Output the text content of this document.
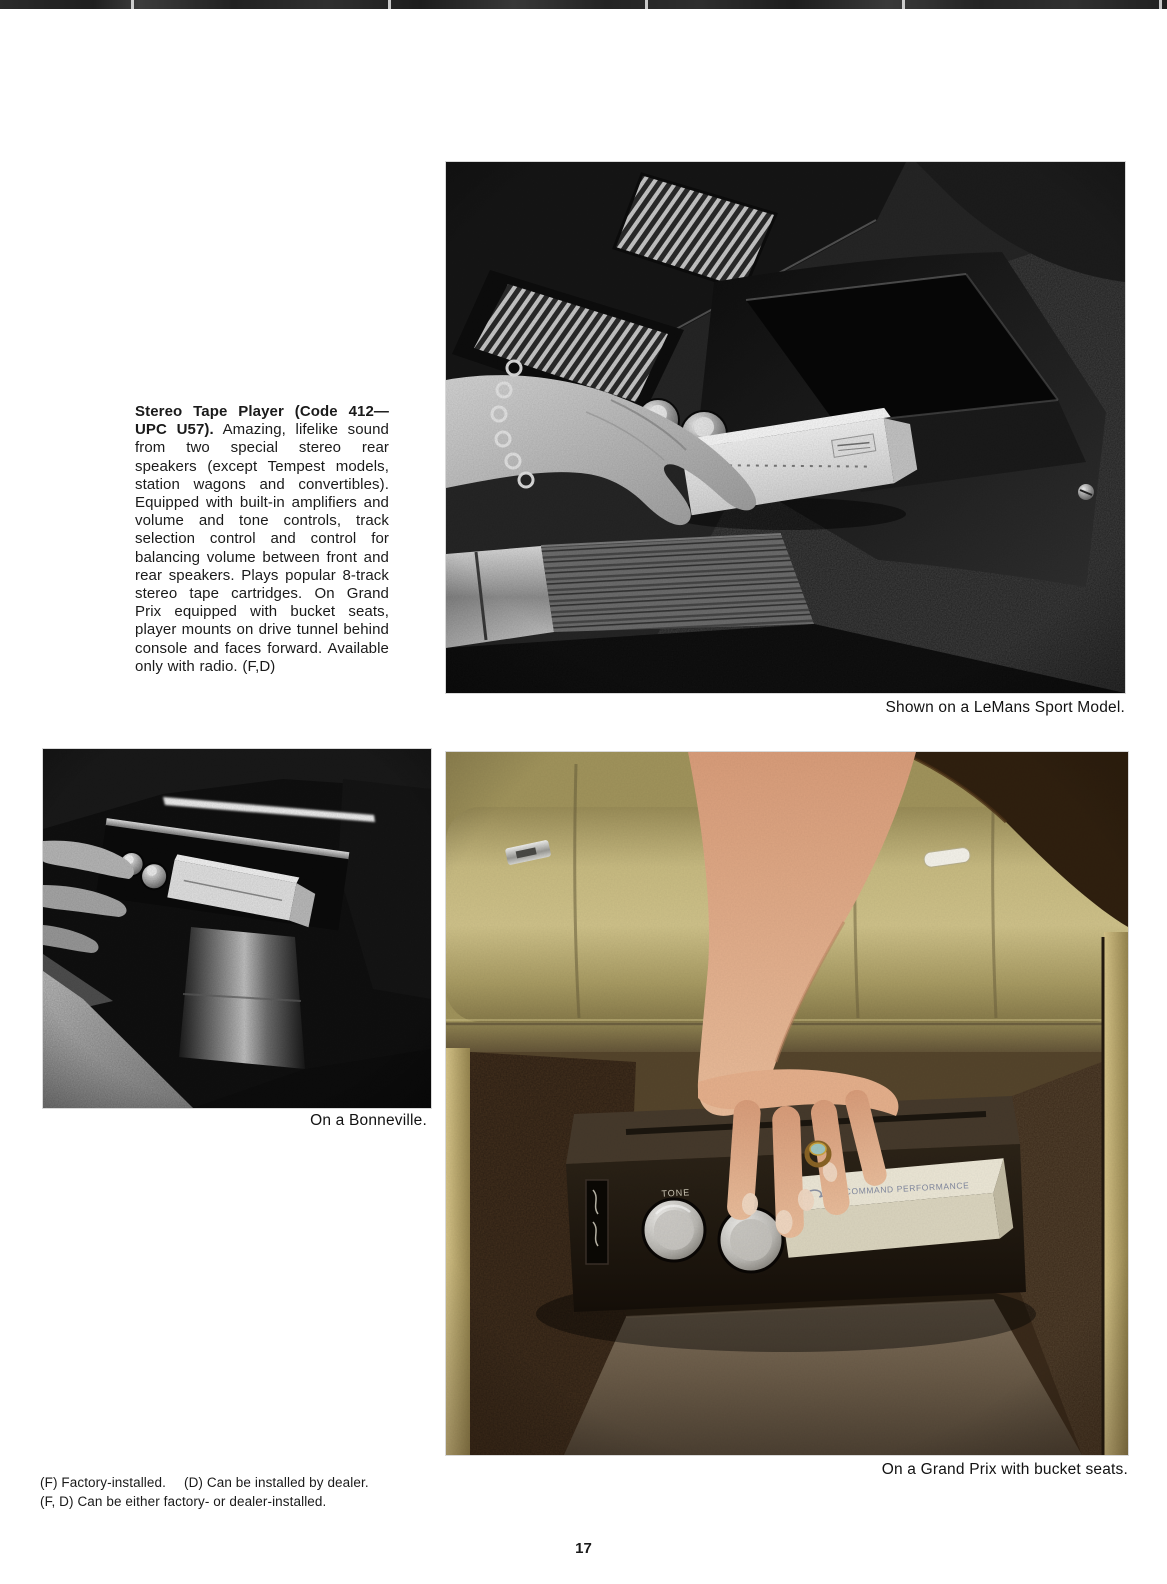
Stereo Tape Player (Code 412—UPC U57). Amazing, lifelike sound from two special stereo rear speakers (except Tempest models, station wagons and convertibles). Equipped with built-in amplifiers and volume and tone controls, track selection control and control for balancing volume between front and rear speakers. Plays popular 8-track stereo tape cartridges. On Grand Prix equipped with bucket seats, player mounts on drive tunnel behind console and faces forward. Available only with radio. (F,D)
Shown on a LeMans Sport Model.
On a Bonneville.
On a Grand Prix with bucket seats.
(F) Factory-installed. (D) Can be installed by dealer.
(F, D) Can be either factory- or dealer-installed.
17
